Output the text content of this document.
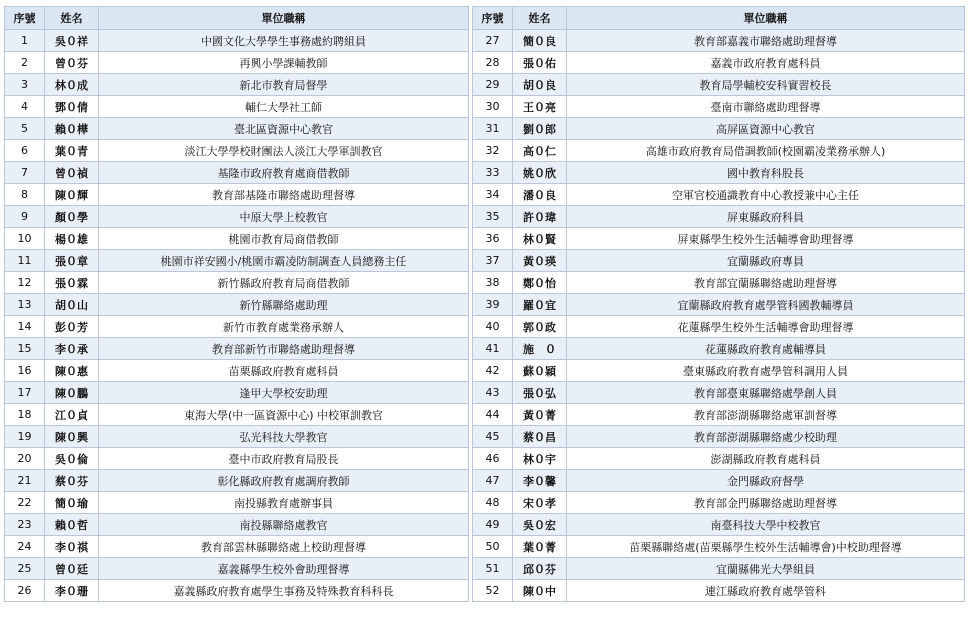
序號	姓名	單位職稱		序號	姓名	單位職稱
1	吳０祥	中國文化大學學生事務處約聘組員		27	簡０良	教育部嘉義市聯絡處助理督導
2	曾０芬	再興小學課輔教師		28	張０佑	嘉義市政府教育處科員
3	林０成	新北市教育局督學		29	胡０良	教育局學輔校安科實習校長
4	鄧０倩	輔仁大學社工師		30	王０亮	臺南市聯絡處助理督導
5	賴０樺	臺北區資源中心教官		31	劉０郎	高屏區資源中心教官
6	葉０青	淡江大學學校財團法人淡江大學軍訓教官		32	高０仁	高雄市政府教育局借調教師(校園霸凌業務承辦人)
7	曾０禎	基隆市政府教育處商借教師		33	姚０欣	國中教育科股長
8	陳０輝	教育部基隆市聯絡處助理督導		34	潘０良	空軍官校通識教育中心教授兼中心主任
9	顏０學	中原大學上校教官		35	許０瑋	屏東縣政府科員
10	楊０雄	桃園市教育局商借教師		36	林０賢	屏東縣學生校外生活輔導會助理督導
11	張０章	桃園市祥安國小/桃園市霸凌防制調查人員總務主任		37	黃０瑛	宜蘭縣政府專員
12	張０霖	新竹縣政府教育局商借教師		38	鄭０怡	教育部宜蘭縣聯絡處助理督導
13	胡０山	新竹縣聯絡處助理		39	羅０宜	宜蘭縣政府教育處學管科國教輔導員
14	彭０芳	新竹市教育處業務承辦人		40	郭０政	花蓮縣學生校外生活輔導會助理督導
15	李０承	教育部新竹市聯絡處助理督導		41	施　０	花蓮縣政府教育處輔導員
16	陳０惠	苗栗縣政府教育處科員		42	蘇０穎	臺東縣政府教育處學管科調用人員
17	陳０鵬	逢甲大學校安助理		43	張０弘	教育部臺東縣聯絡處學創人員
18	江０貞	東海大學(中一區資源中心) 中校軍訓教官		44	黃０菁	教育部澎湖縣聯絡處軍訓督導
19	陳０興	弘光科技大學教官		45	蔡０昌	教育部澎湖縣聯絡處少校助理
20	吳０倫	臺中市政府教育局股長		46	林０宇	澎湖縣政府教育處科員
21	蔡０芬	彰化縣政府教育處調府教師		47	李０馨	金門縣政府督學
22	簡０瑜	南投縣教育處辦事員		48	宋０孝	教育部金門縣聯絡處助理督導
23	賴０哲	南投縣聯絡處教官		49	吳０宏	南臺科技大學中校教官
24	李０祺	教育部雲林縣聯絡處上校助理督導		50	葉０菁	苗栗縣聯絡處(苗栗縣學生校外生活輔導會)中校助理督導
25	曾０廷	嘉義縣學生校外會助理督導		51	邱０芬	宜蘭縣佛光大學組員
26	李０珊	嘉義縣政府教育處學生事務及特殊教育科科長		52	陳０中	連江縣政府教育處學管科
